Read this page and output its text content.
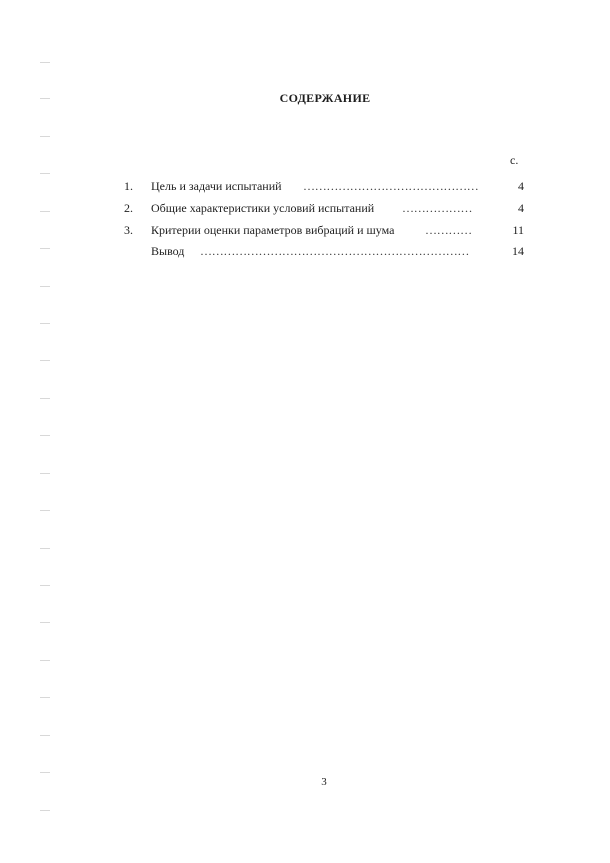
СОДЕРЖАНИЕ
с.
1. Цель и задачи испытаний ………………………………………	4
2. Общие характеристики условий испытаний ………………	4
3. Критерии оценки параметров вибраций и шума	…………	11
Вывод ……………………………………………………………	14
3
